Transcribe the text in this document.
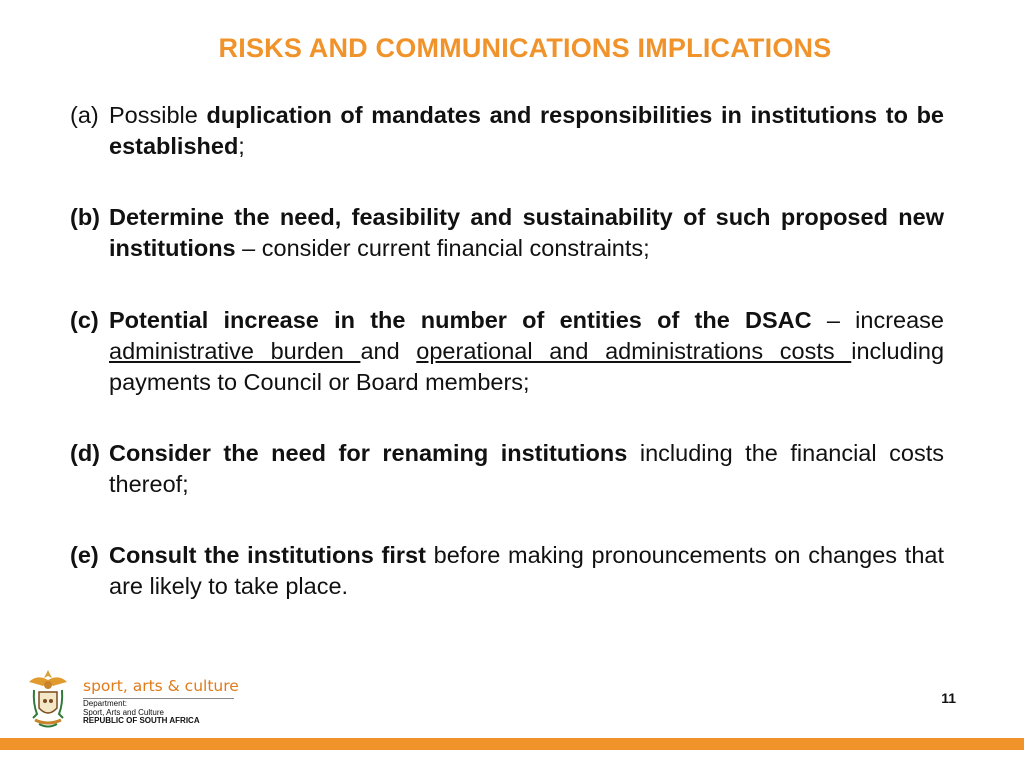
RISKS AND COMMUNICATIONS IMPLICATIONS
(a) Possible duplication of mandates and responsibilities in institutions to be established;
(b) Determine the need, feasibility and sustainability of such proposed new institutions – consider current financial constraints;
(c) Potential increase in the number of entities of the DSAC – increase administrative burden and operational and administrations costs including payments to Council or Board members;
(d) Consider the need for renaming institutions including the financial costs thereof;
(e) Consult the institutions first before making pronouncements on changes that are likely to take place.
sport, arts & culture
Department:
Sport, Arts and Culture
REPUBLIC OF SOUTH AFRICA
11
